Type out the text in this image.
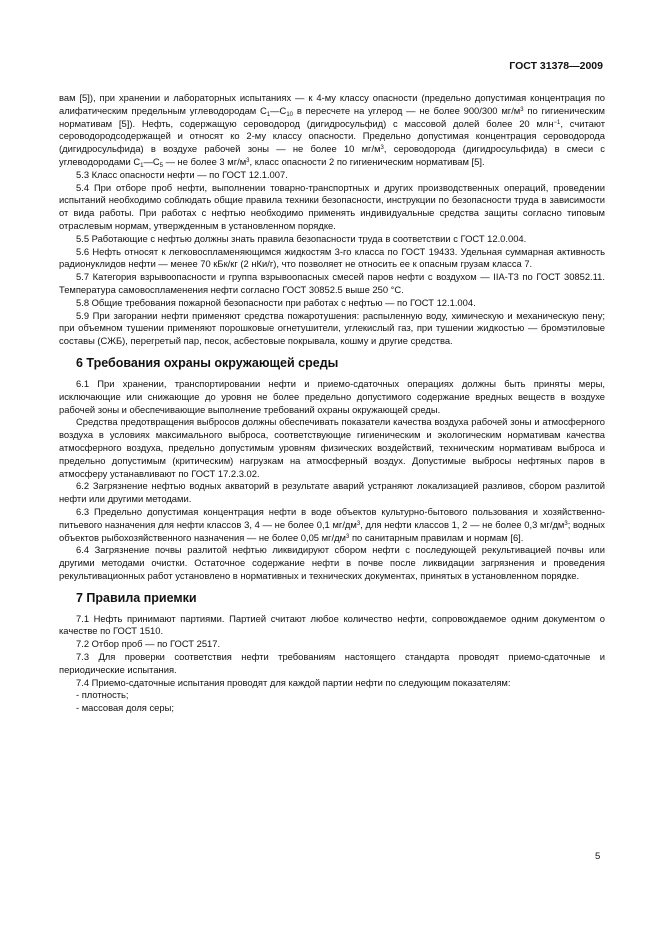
ГОСТ 31378—2009

вам [5]), при хранении и лабораторных испытаниях — к 4-му классу опасности (предельно допустимая концентрация по алифатическим предельным углеводородам $С_1—С_{10}$ в пересчете на углерод — не более 900/300 $мг/м^3$ по гигиеническим нормативам [5]). Нефть, содержащую сероводород (дигидросульфид) с массовой долей более 20 млн$^{-1}$, считают сероводородсодержащей и относят ко 2-му классу опасности. Предельно допустимая концентрация сероводорода (дигидросульфида) в воздухе рабочей зоны — не более 10 $мг/м^3$, сероводорода (дигидросульфида) в смеси с углеводородами $С_1—С_5$ — не более 3 $мг/м^3$, класс опасности 2 по гигиеническим нормативам [5].

5.3 Класс опасности нефти — по ГОСТ 12.1.007.

5.4 При отборе проб нефти, выполнении товарно-транспортных и других производственных операций, проведении испытаний необходимо соблюдать общие правила техники безопасности, инструкции по безопасности труда в зависимости от вида работы. При работах с нефтью необходимо применять индивидуальные средства защиты согласно типовым отраслевым нормам, утвержденным в установленном порядке.

5.5 Работающие с нефтью должны знать правила безопасности труда в соответствии с ГОСТ 12.0.004.

5.6 Нефть относят к легковоспламеняющимся жидкостям 3-го класса по ГОСТ 19433. Удельная суммарная активность радионуклидов нефти — менее 70 кБк/кг (2 нКи/г), что позволяет не относить ее к опасным грузам класса 7.

5.7 Категория взрывоопасности и группа взрывоопасных смесей паров нефти с воздухом — IIA-Т3 по ГОСТ 30852.11. Температура самовоспламенения нефти согласно ГОСТ 30852.5 выше 250 °С.

5.8 Общие требования пожарной безопасности при работах с нефтью — по ГОСТ 12.1.004.

5.9 При загорании нефти применяют средства пожаротушения: распыленную воду, химическую и механическую пену; при объемном тушении применяют порошковые огнетушители, углекислый газ, при тушении жидкостью — бромэтиловые составы (СЖБ), перегретый пар, песок, асбестовые покрывала, кошму и другие средства.

6 Требования охраны окружающей среды

6.1 При хранении, транспортировании нефти и приемо-сдаточных операциях должны быть приняты меры, исключающие или снижающие до уровня не более предельно допустимого содержание вредных веществ в воздухе рабочей зоны и обеспечивающие выполнение требований охраны окружающей среды.

Средства предотвращения выбросов должны обеспечивать показатели качества воздуха рабочей зоны и атмосферного воздуха в условиях максимального выброса, соответствующие гигиеническим и экологическим нормативам качества атмосферного воздуха, предельно допустимым уровням физических воздействий, техническим нормативам выброса и предельно допустимым (критическим) нагрузкам на атмосферный воздух. Допустимые выбросы нефтяных паров в атмосферу устанавливают по ГОСТ 17.2.3.02.

6.2 Загрязнение нефтью водных акваторий в результате аварий устраняют локализацией разливов, сбором разлитой нефти или другими методами.

6.3 Предельно допустимая концентрация нефти в воде объектов культурно-бытового пользования и хозяйственно-питьевого назначения для нефти классов 3, 4 — не более 0,1 $мг/дм^3$, для нефти классов 1, 2 — не более 0,3 $мг/дм^3$; водных объектов рыбохозяйственного назначения — не более 0,05 $мг/дм^3$ по санитарным правилам и нормам [6].

6.4 Загрязнение почвы разлитой нефтью ликвидируют сбором нефти с последующей рекультивацией почвы или другими методами очистки. Остаточное содержание нефти в почве после ликвидации загрязнения и проведения рекультивационных работ установлено в нормативных и технических документах, принятых в установленном порядке.

7 Правила приемки

7.1 Нефть принимают партиями. Партией считают любое количество нефти, сопровождаемое одним документом о качестве по ГОСТ 1510.

7.2 Отбор проб — по ГОСТ 2517.

7.3 Для проверки соответствия нефти требованиям настоящего стандарта проводят приемо-сдаточные и периодические испытания.

7.4 Приемо-сдаточные испытания проводят для каждой партии нефти по следующим показателям:

- плотность;

- массовая доля серы;

5
